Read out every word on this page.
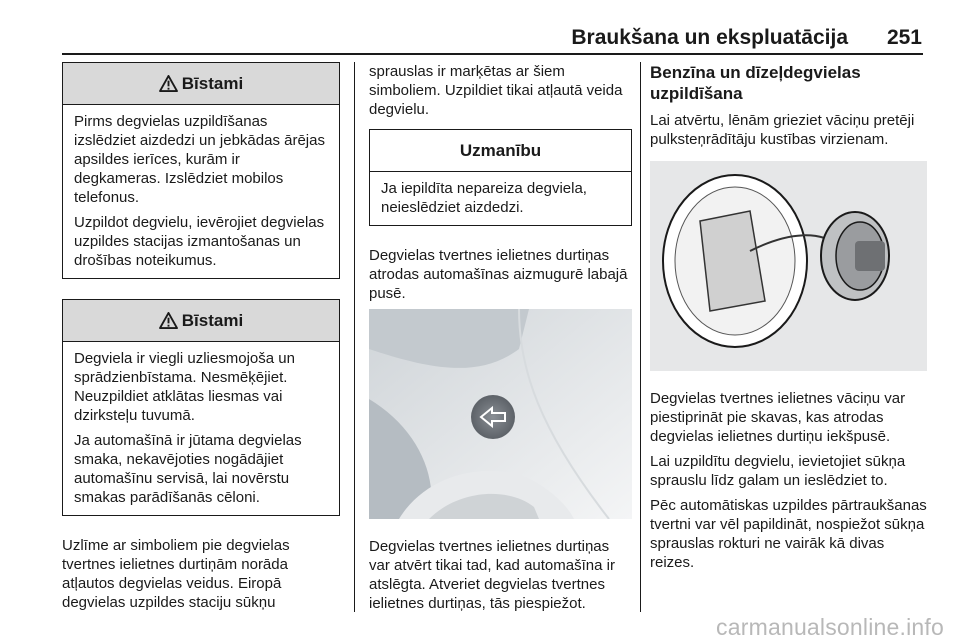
Braukšana un ekspluatācija 251
Bīstami

Pirms degvielas uzpildīšanas izslēdziet aizdedzi un jebkādas ārējas apsildes ierīces, kurām ir degkameras. Izslēdziet mobilos telefonus.

Uzpildot degvielu, ievērojiet degvielas uzpildes stacijas izmantošanas un drošības noteikumus.

Bīstami

Degviela ir viegli uzliesmojoša un sprādzienbīstama. Nesmēķējiet. Neuzpildiet atklātas liesmas vai dzirksteļu tuvumā.

Ja automašīnā ir jūtama degvielas smaka, nekavējoties nogādājiet automašīnu servisā, lai novērstu smakas parādīšanās cēloni.

Uzlīme ar simboliem pie degvielas tvertnes ielietnes durtiņām norāda atļautos degvielas veidus. Eiropā degvielas uzpildes staciju sūkņu

sprauslas ir marķētas ar šiem simboliem. Uzpildiet tikai atļautā veida degvielu.

Uzmanību

Ja iepildīta nepareiza degviela, neieslēdziet aizdedzi.

Degvielas tvertnes ielietnes durtiņas atrodas automašīnas aizmugurē labajā pusē.

Degvielas tvertnes ielietnes durtiņas var atvērt tikai tad, kad automašīna ir atslēgta. Atveriet degvielas tvertnes ielietnes durtiņas, tās piespiežot.

Benzīna un dīzeļdegvielas uzpildīšana

Lai atvērtu, lēnām grieziet vāciņu pretēji pulksteņrādītāju kustības virzienam.

Degvielas tvertnes ielietnes vāciņu var piestiprināt pie skavas, kas atrodas degvielas ielietnes durtiņu iekšpusē.

Lai uzpildītu degvielu, ievietojiet sūkņa sprauslu līdz galam un ieslēdziet to.

Pēc automātiskas uzpildes pārtraukšanas tvertni var vēl papildināt, nospiežot sūkņa sprauslas rokturi ne vairāk kā divas reizes.

carmanualsonline.info
